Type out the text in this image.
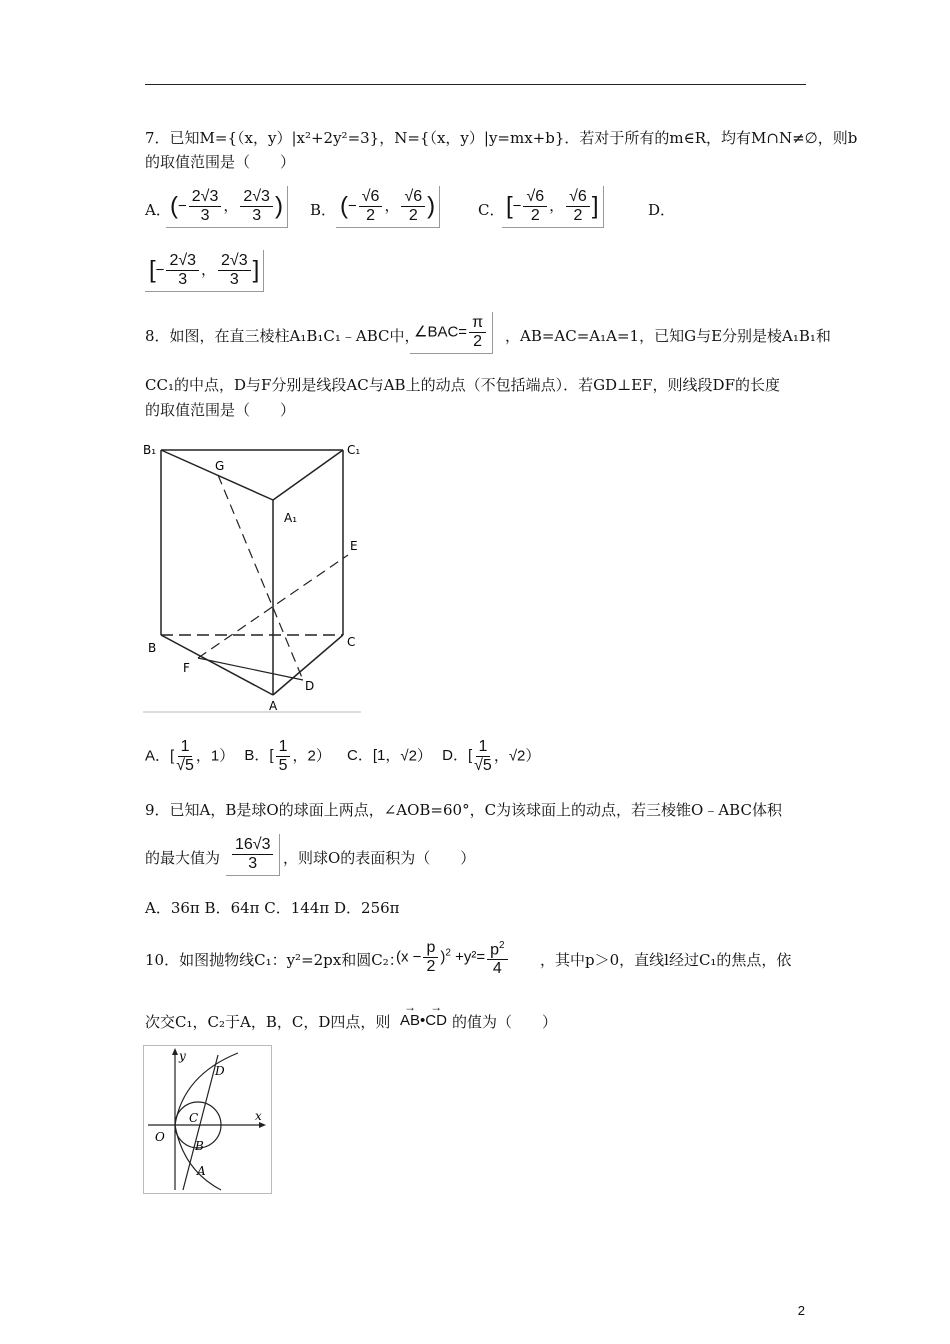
7．已知M={（x，y）|x²+2y²=3}，N={（x，y）|y=mx+b}．若对于所有的m∈R，均有M∩N≠∅，则b
的取值范围是（　　）
A． (− $\frac{2√3}{3}$ ， $\frac{2√3}{3}$ )	B． (− $\frac{√6}{2}$ ， $\frac{√6}{2}$ )	C． [− $\frac{√6}{2}$ ， $\frac{√6}{2}$ ]	D．
[− $\frac{2√3}{3}$ ， $\frac{2√3}{3}$ ]
8．如图，在直三棱柱A₁B₁C₁﹣ABC中，
∠BAC= $\frac{\pi}{2}$ ，AB=AC=A₁A=1，已知G与E分别是棱A₁B₁和
CC₁的中点，D与F分别是线段AC与AB上的动点（不包括端点）．若GD⊥EF，则线段DF的长度
的取值范围是（　　）
B₁	C₁
G
A₁
E
B	C
F
D
A
A．[ $\frac{1}{√5}$ ，1） B．[ $\frac{1}{5}$ ，2） C．[1，√2） D．[ $\frac{1}{√5}$ ，√2）
9．已知A，B是球O的球面上两点，∠AOB=60°，C为该球面上的动点，若三棱锥O﹣ABC体积
的最大值为 $\frac{16√3}{3}$ ，则球O的表面积为（　　）
A．36π B．64π C．144π D．256π
10．如图抛物线C₁：y²=2px和圆C₂：
$(x - \frac{p}{2} )^2 +y^2= \frac{p^2}{4}$ ，其中p＞0，直线l经过C₁的焦点，依
次交C₁，C₂于A，B，C，D四点，则
→ AB•→ CD 的值为（　　）
y
x
O
C
D
B
A
2
